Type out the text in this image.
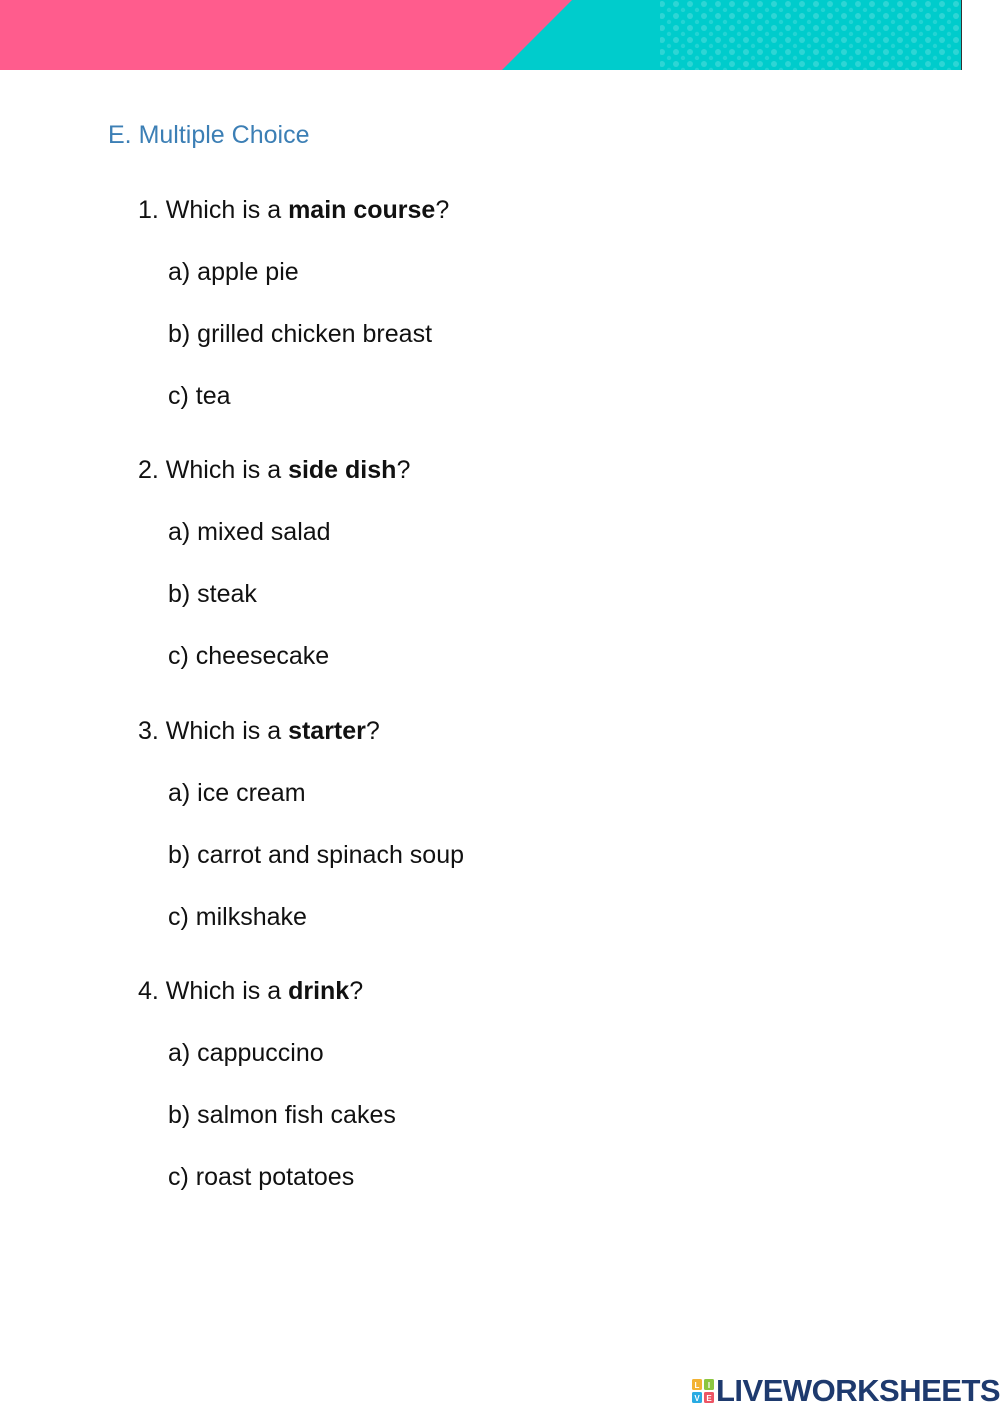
E. Multiple Choice
1. Which is a main course?
a) apple pie
b) grilled chicken breast
c) tea
2. Which is a side dish?
a) mixed salad
b) steak
c) cheesecake
3. Which is a starter?
a) ice cream
b) carrot and spinach soup
c) milkshake
4. Which is a drink?
a) cappuccino
b) salmon fish cakes
c) roast potatoes
L I
V E LIVEWORKSHEETS
